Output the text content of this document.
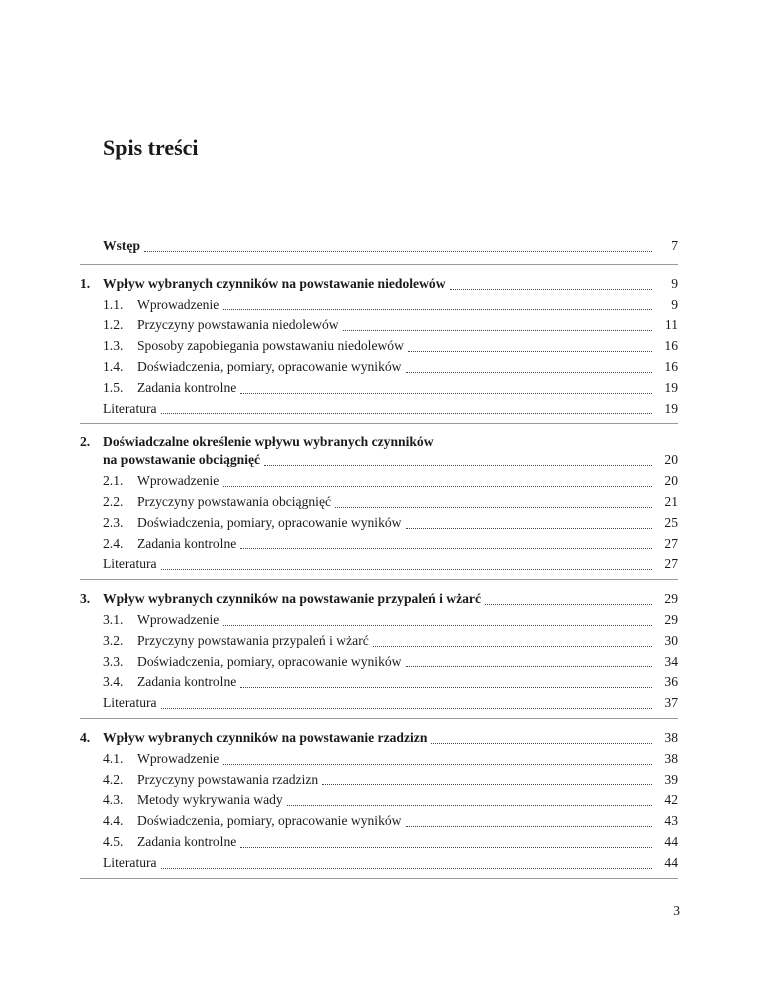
Spis treści
Wstęp	7
1. Wpływ wybranych czynników na powstawanie niedolewów	9
1.1. Wprowadzenie	9
1.2. Przyczyny powstawania niedolewów	11
1.3. Sposoby zapobiegania powstawaniu niedolewów	16
1.4. Doświadczenia, pomiary, opracowanie wyników	16
1.5. Zadania kontrolne	19
Literatura	19
2. Doświadczalne określenie wpływu wybranych czynników
na powstawanie obciągnięć	20
2.1. Wprowadzenie	20
2.2. Przyczyny powstawania obciągnięć	21
2.3. Doświadczenia, pomiary, opracowanie wyników	25
2.4. Zadania kontrolne	27
Literatura	27
3. Wpływ wybranych czynników na powstawanie przypaleń i wżarć	29
3.1. Wprowadzenie	29
3.2. Przyczyny powstawania przypaleń i wżarć	30
3.3. Doświadczenia, pomiary, opracowanie wyników	34
3.4. Zadania kontrolne	36
Literatura	37
4. Wpływ wybranych czynników na powstawanie rzadzizn	38
4.1. Wprowadzenie	38
4.2. Przyczyny powstawania rzadzizn	39
4.3. Metody wykrywania wady	42
4.4. Doświadczenia, pomiary, opracowanie wyników	43
4.5. Zadania kontrolne	44
Literatura	44
3
